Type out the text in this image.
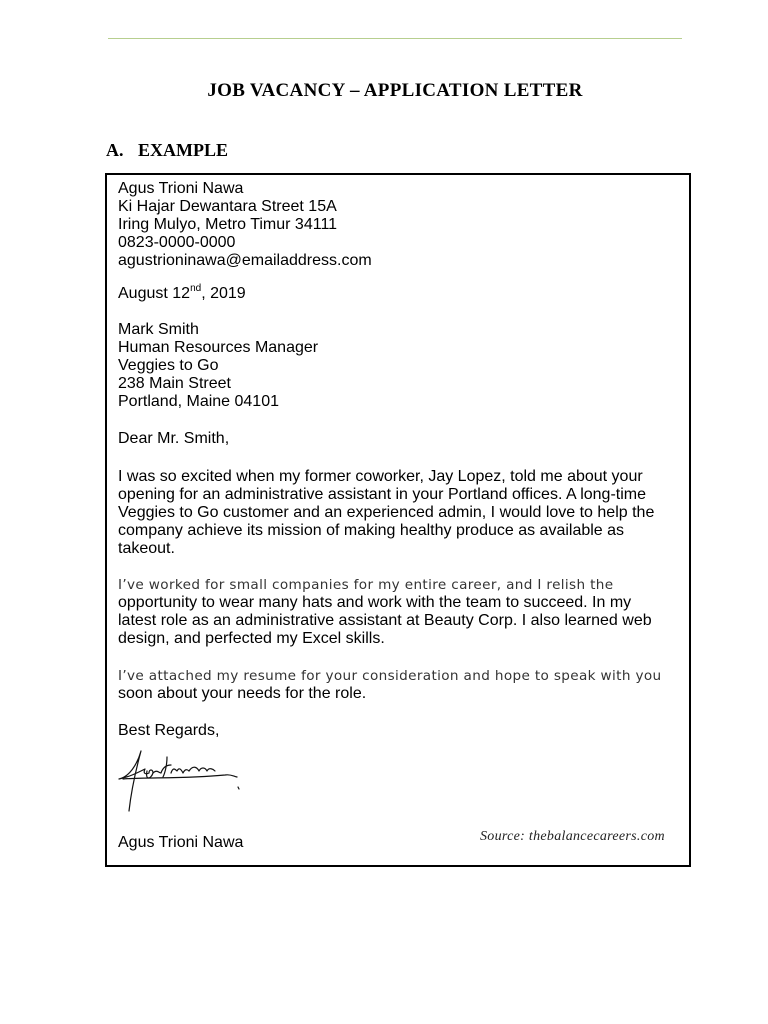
JOB VACANCY – APPLICATION LETTER
A. EXAMPLE
Agus Trioni Nawa
Ki Hajar Dewantara Street 15A
Iring Mulyo, Metro Timur 34111
0823-0000-0000
agustrioninawa@emailaddress.com
August 12nd, 2019
Mark Smith
Human Resources Manager
Veggies to Go
238 Main Street
Portland, Maine 04101
Dear Mr. Smith,
I was so excited when my former coworker, Jay Lopez, told me about your
opening for an administrative assistant in your Portland offices. A long-time
Veggies to Go customer and an experienced admin, I would love to help the
company achieve its mission of making healthy produce as available as
takeout.
I’ve worked for small companies for my entire career, and I relish the
opportunity to wear many hats and work with the team to succeed. In my
latest role as an administrative assistant at Beauty Corp. I also learned web
design, and perfected my Excel skills.
I’ve attached my resume for your consideration and hope to speak with you
soon about your needs for the role.
Best Regards,
Agus Trioni Nawa	Source: thebalancecareers.com
